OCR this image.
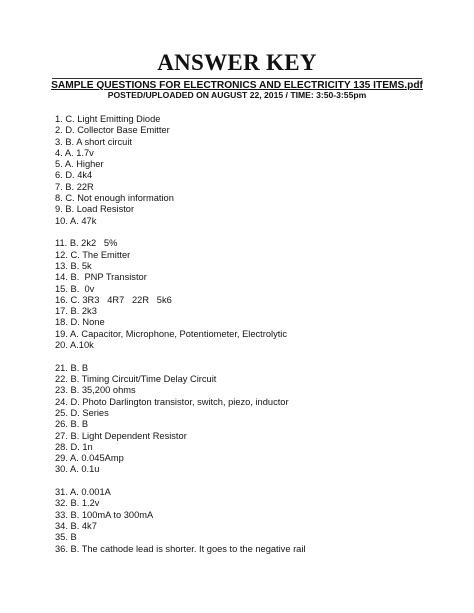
ANSWER KEY
SAMPLE QUESTIONS FOR ELECTRONICS AND ELECTRICITY 135 ITEMS.pdf
POSTED/UPLOADED ON AUGUST 22, 2015 / TIME: 3:50-3:55pm
1. C. Light Emitting Diode
2. D. Collector Base Emitter
3. B. A short circuit
4. A. 1.7v
5. A. Higher
6. D. 4k4
7. B. 22R
8. C. Not enough information
9. B. Load Resistor
10. A. 47k
11. B. 2k2   5%
12. C. The Emitter
13. B. 5k
14. B.  PNP Transistor
15. B.  0v
16. C. 3R3   4R7   22R   5k6
17. B. 2k3
18. D. None
19. A. Capacitor, Microphone, Potentiometer, Electrolytic
20. A.10k
21. B. B
22. B. Timing Circuit/Time Delay Circuit
23. B. 35,200 ohms
24. D. Photo Darlington transistor, switch, piezo, inductor
25. D. Series
26. B. B
27. B. Light Dependent Resistor
28. D. 1n
29. A. 0.045Amp
30. A. 0.1u
31. A. 0.001A
32. B. 1.2v
33. B. 100mA to 300mA
34. B. 4k7
35. B
36. B. The cathode lead is shorter. It goes to the negative rail
